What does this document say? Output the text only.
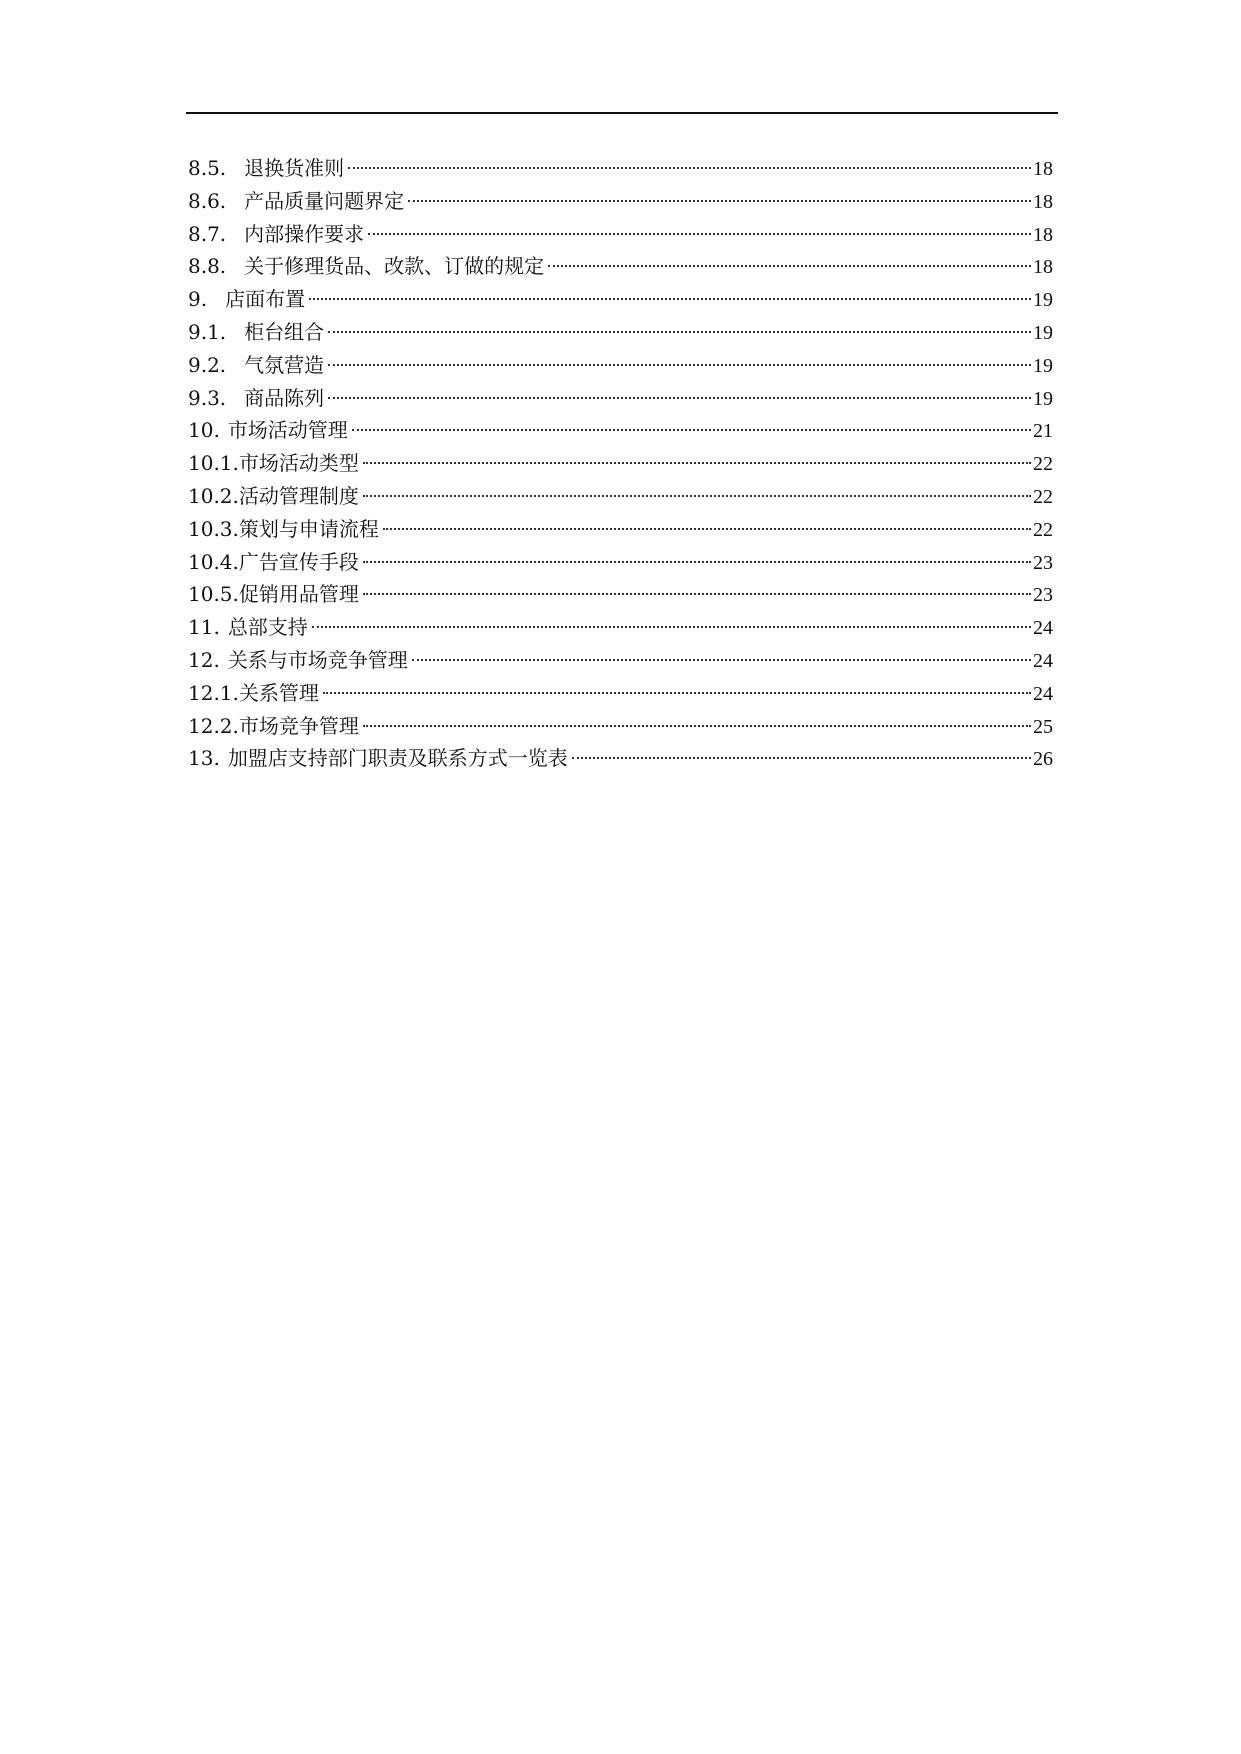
8.5. 退换货准则	18
8.6. 产品质量问题界定	18
8.7. 内部操作要求	18
8.8. 关于修理货品、改款、订做的规定	18
9. 店面布置	19
9.1. 柜台组合	19
9.2. 气氛营造	19
9.3. 商品陈列	19
10. 市场活动管理	21
10.1. 市场活动类型	22
10.2. 活动管理制度	22
10.3. 策划与申请流程	22
10.4. 广告宣传手段	23
10.5. 促销用品管理	23
11. 总部支持	24
12. 关系与市场竞争管理	24
12.1. 关系管理	24
12.2. 市场竞争管理	25
13. 加盟店支持部门职责及联系方式一览表	26
